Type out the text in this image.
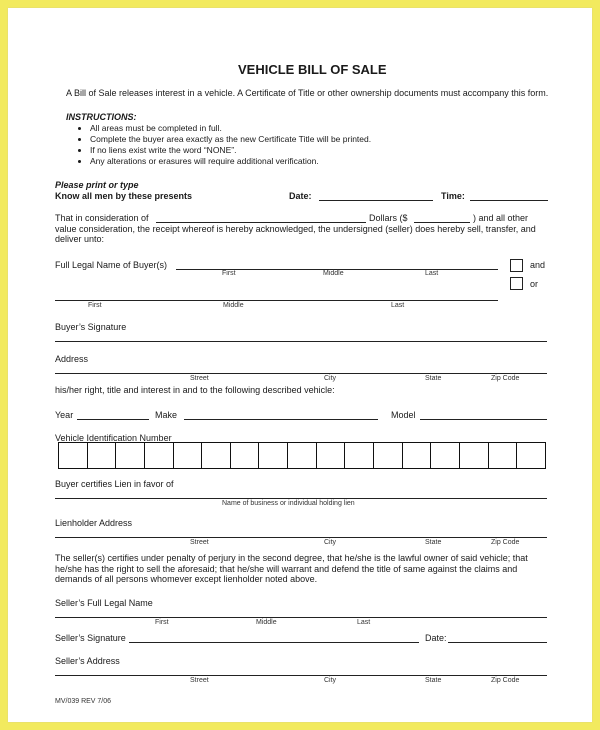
VEHICLE BILL OF SALE
A Bill of Sale releases interest in a vehicle. A Certificate of Title or other ownership documents must accompany this form.
INSTRUCTIONS:
• All areas must be completed in full.
• Complete the buyer area exactly as the new Certificate Title will be printed.
• If no liens exist write the word “NONE”.
• Any alterations or erasures will require additional verification.
Please print or type
Know all men by these presents	Date:	Time:
That in consideration of	Dollars ($	) and all other value consideration, the receipt whereof is hereby acknowledged, the undersigned (seller) does hereby sell, transfer, and deliver unto:
Full Legal Name of Buyer(s)
First	Middle	Last
and
or
First	Middle	Last
Buyer’s Signature
Address
Street	City	State	Zip Code
his/her right, title and interest in and to the following described vehicle:
Year	Make	Model
Vehicle Identification Number
Buyer certifies Lien in favor of
Name of business or individual holding lien
Lienholder Address
Street	City	State	Zip Code
The seller(s) certifies under penalty of perjury in the second degree, that he/she is the lawful owner of said vehicle; that he/she has the right to sell the aforesaid; that he/she will warrant and defend the title of same against the claims and demands of all persons whomever except lienholder noted above.
Seller’s Full Legal Name
First	Middle	Last
Seller’s Signature	Date:
Seller’s Address
Street	City	State	Zip Code
MV/039 REV 7/06
